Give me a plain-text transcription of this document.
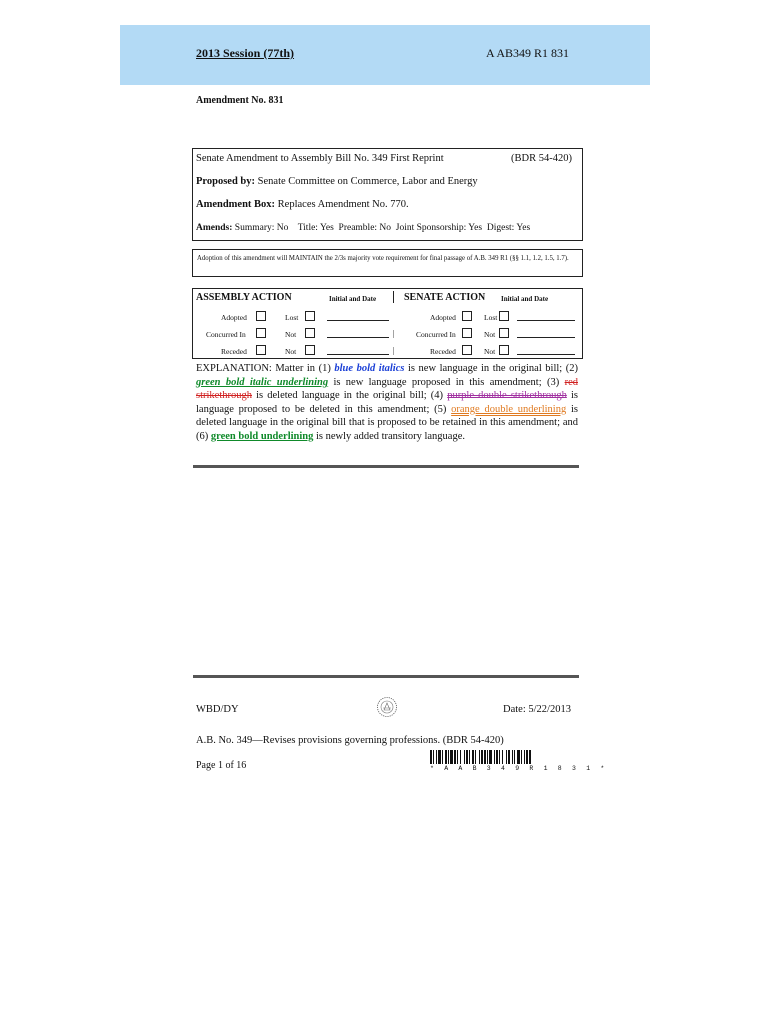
2013 Session (77th)	A AB349 R1 831
Amendment No. 831
Senate Amendment to Assembly Bill No. 349 First Reprint	(BDR 54-420)
Proposed by: Senate Committee on Commerce, Labor and Energy
Amendment Box: Replaces Amendment No. 770.
Amends: Summary: No    Title: Yes  Preamble: No  Joint Sponsorship: Yes  Digest: Yes
Adoption of this amendment will MAINTAIN the 2/3s majority vote requirement for final passage of A.B. 349 R1 (§§ 1.1, 1.2, 1.5, 1.7).
ASSEMBLY ACTION	Initial and Date	SENATE ACTION Initial and Date
Adopted	Lost	Adopted	Lost
Concurred In	Not	|	Concurred In	Not
Receded	Not	|	Receded	Not
EXPLANATION: Matter in (1) blue bold italics is new language in the original bill; (2) green bold italic underlining is new language proposed in this amendment; (3) red strikethrough is deleted language in the original bill; (4) purple double strikethrough is language proposed to be deleted in this amendment; (5) orange double underlining is deleted language in the original bill that is proposed to be retained in this amendment; and (6) green bold underlining is newly added transitory language.
WBD/DY	Date: 5/22/2013
A.B. No. 349—Revises provisions governing professions. (BDR 54-420)
Page 1 of 16	* A A B 3 4 9 R 1 8 3 1 *
